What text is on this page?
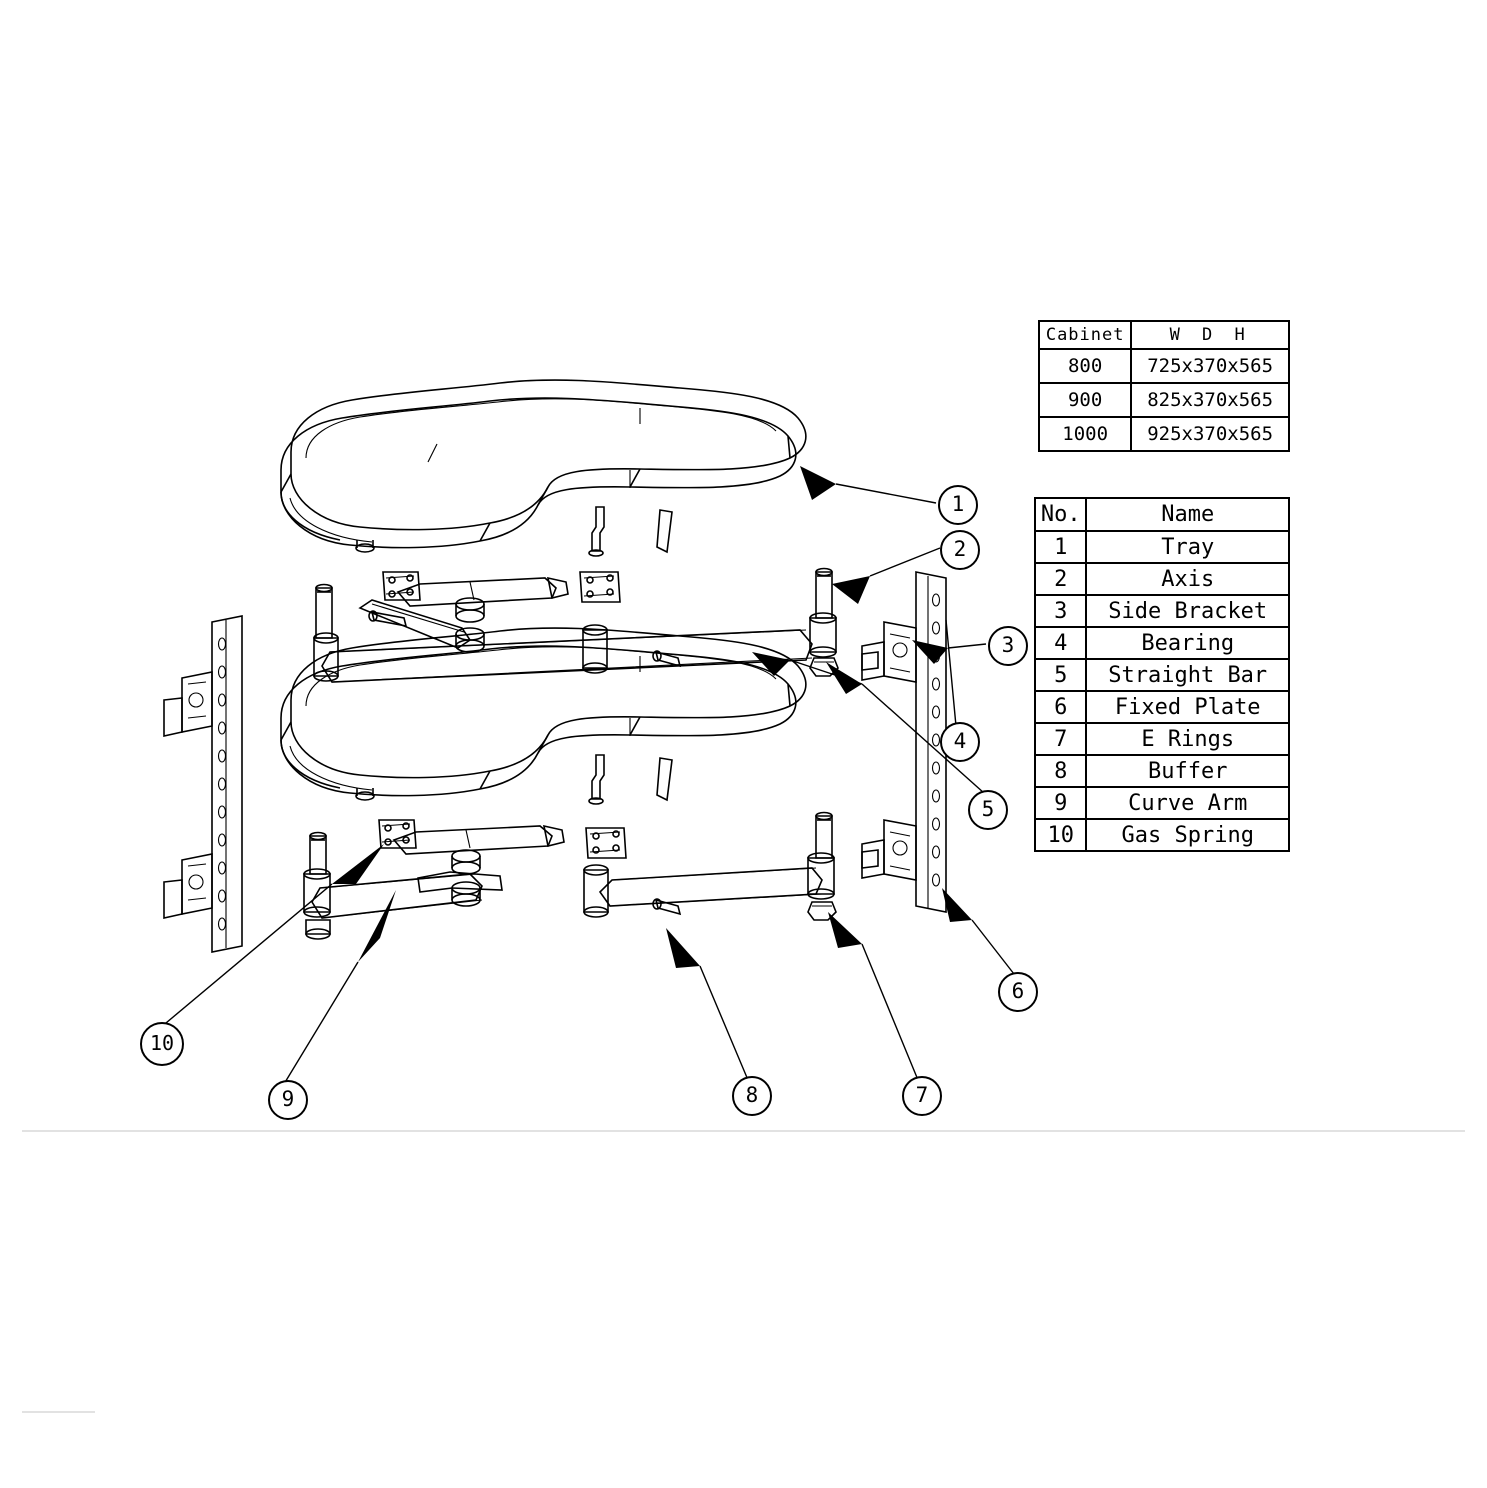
Cabinet	W D H
800	725x370x565
900	825x370x565
1000	925x370x565
No.	Name
1	Tray
2	Axis
3	Side Bracket
4	Bearing
5	Straight Bar
6	Fixed Plate
7	E Rings
8	Buffer
9	Curve Arm
10	Gas Spring
1
2
3
4
5
6
7
8
9
10
